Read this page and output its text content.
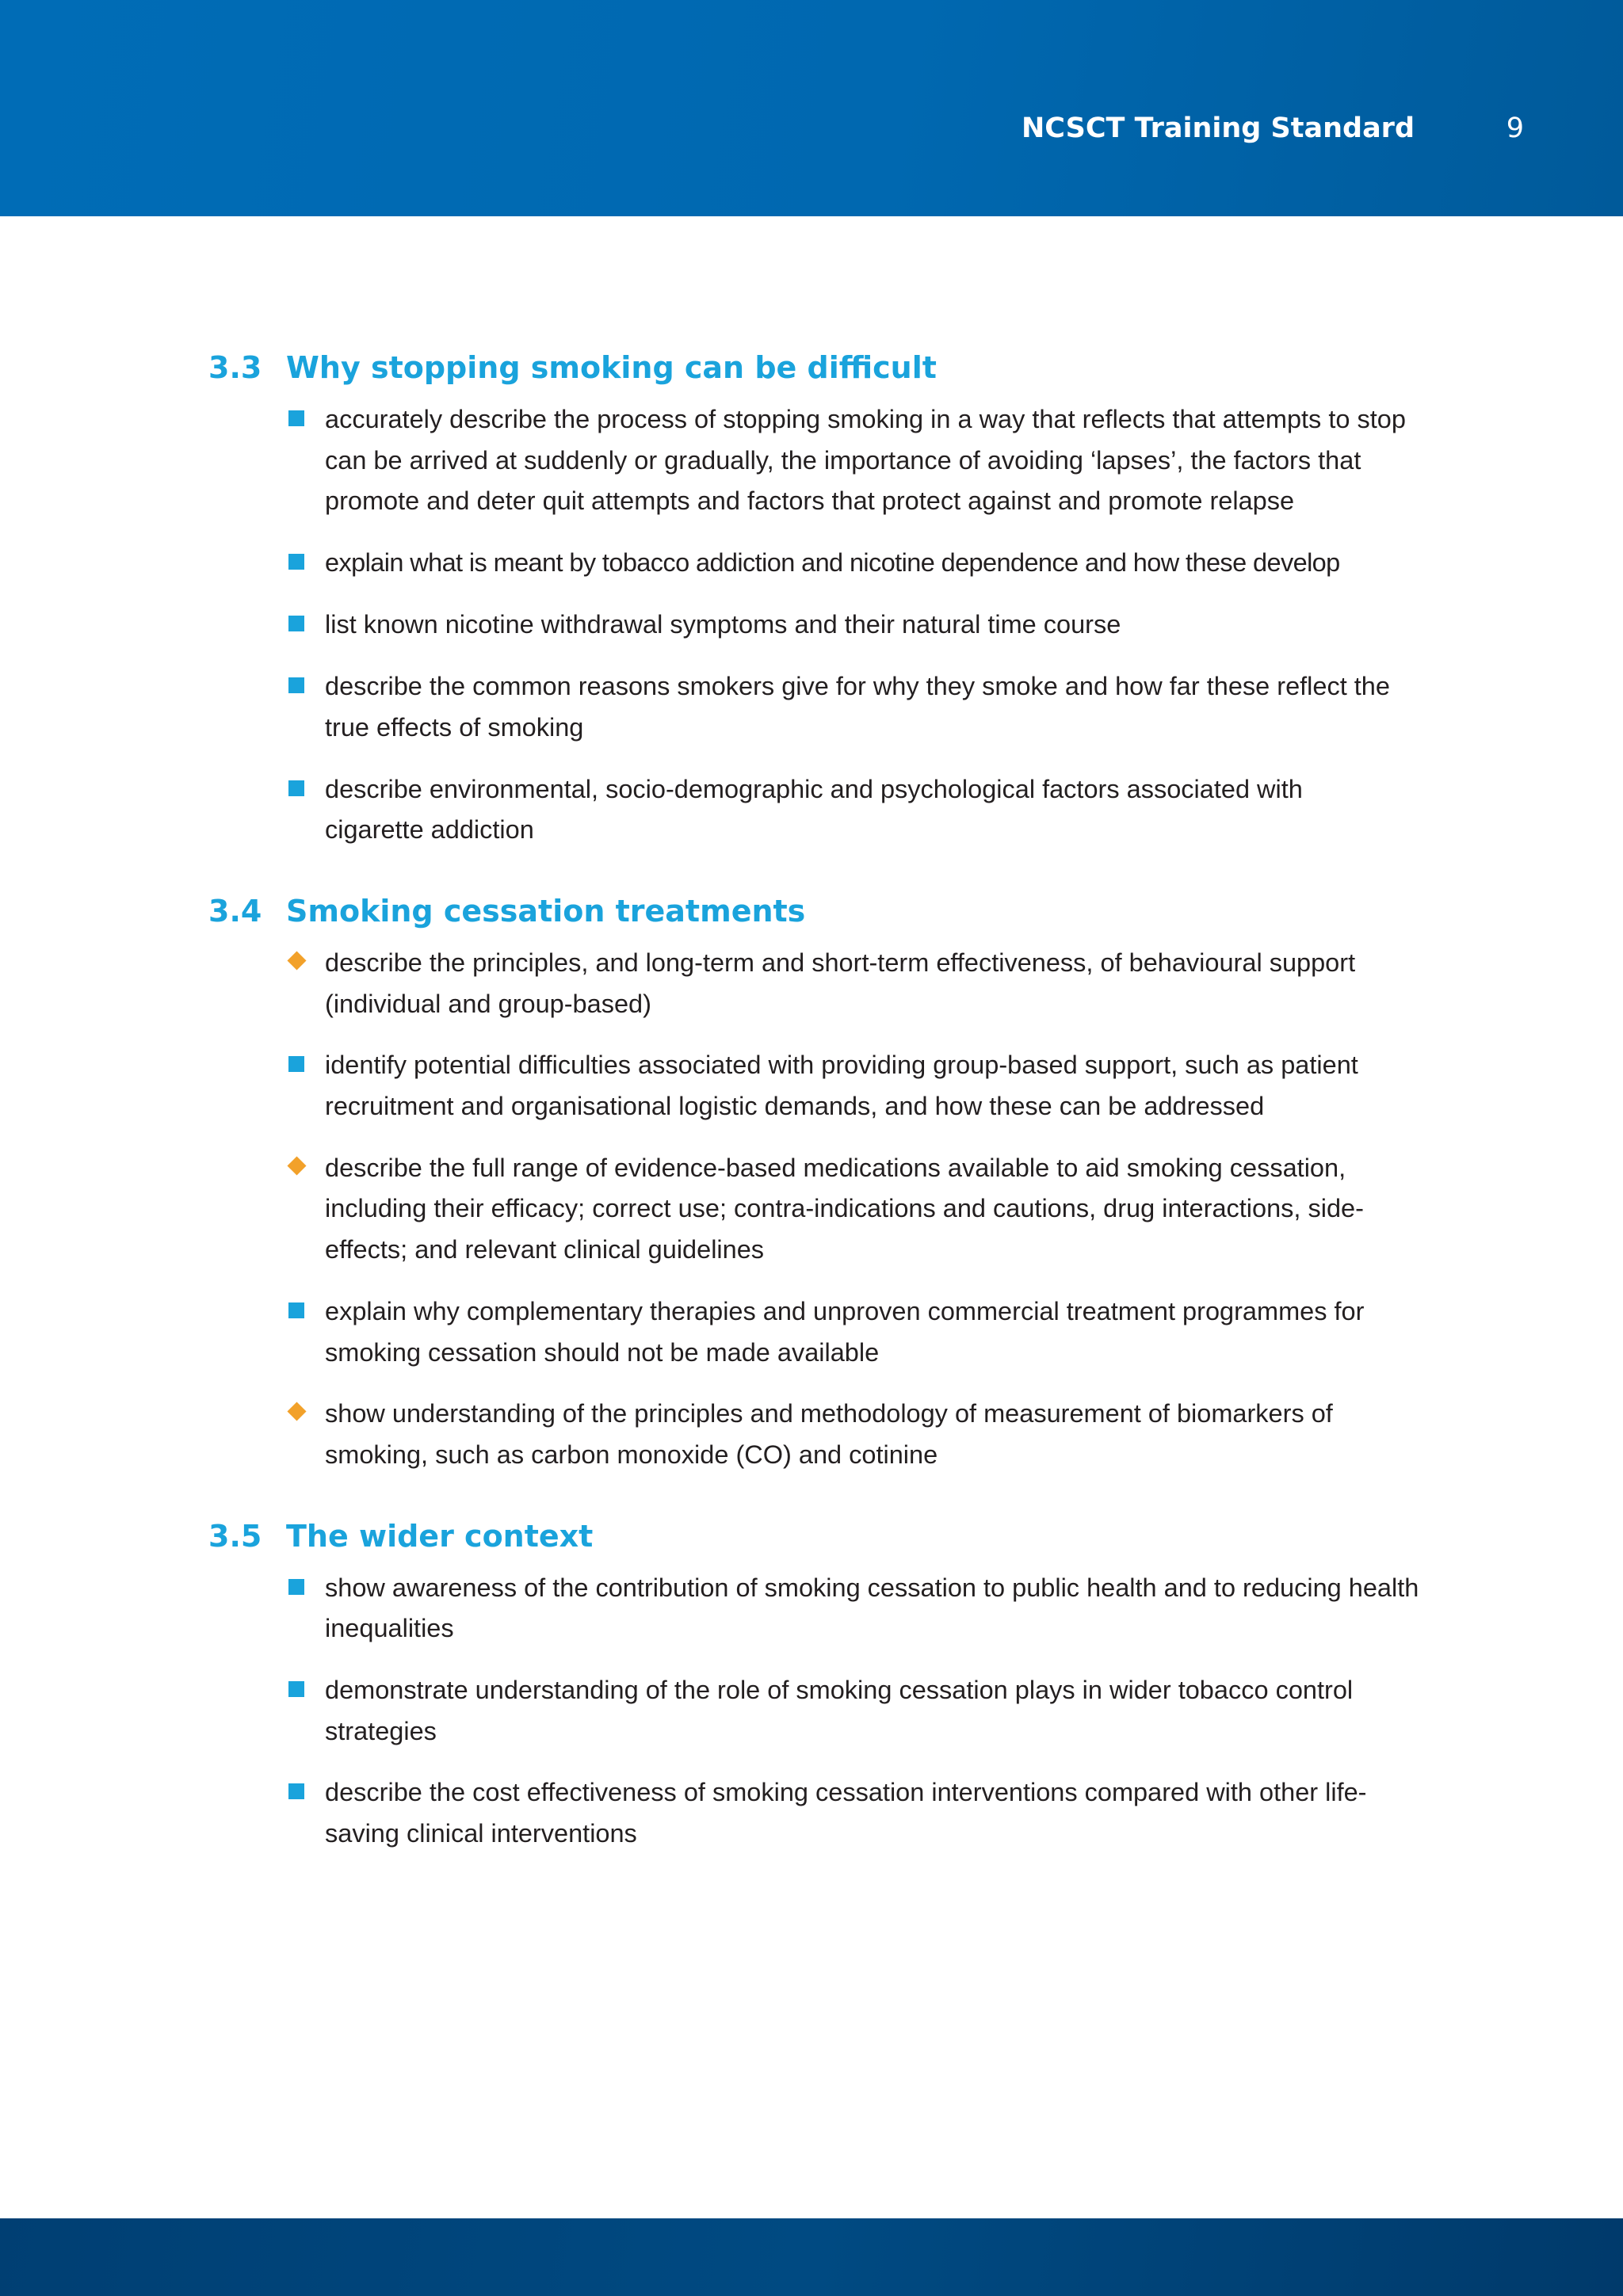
NCSCT Training Standard	9
3.3 Why stopping smoking can be difficult
accurately describe the process of stopping smoking in a way that reflects that attempts to stop can be arrived at suddenly or gradually, the importance of avoiding ‘lapses’, the factors that promote and deter quit attempts and factors that protect against and promote relapse
explain what is meant by tobacco addiction and nicotine dependence and how these develop
list known nicotine withdrawal symptoms and their natural time course
describe the common reasons smokers give for why they smoke and how far these reflect the true effects of smoking
describe environmental, socio-demographic and psychological factors associated with cigarette addiction
3.4 Smoking cessation treatments
describe the principles, and long-term and short-term effectiveness, of behavioural support (individual and group-based)
identify potential difficulties associated with providing group-based support, such as patient recruitment and organisational logistic demands, and how these can be addressed
describe the full range of evidence-based medications available to aid smoking cessation, including their efficacy; correct use; contra-indications and cautions, drug interactions, side-effects; and relevant clinical guidelines
explain why complementary therapies and unproven commercial treatment programmes for smoking cessation should not be made available
show understanding of the principles and methodology of measurement of biomarkers of smoking, such as carbon monoxide (CO) and cotinine
3.5 The wider context
show awareness of the contribution of smoking cessation to public health and to reducing health inequalities
demonstrate understanding of the role of smoking cessation plays in wider tobacco control strategies
describe the cost effectiveness of smoking cessation interventions compared with other life-saving clinical interventions
